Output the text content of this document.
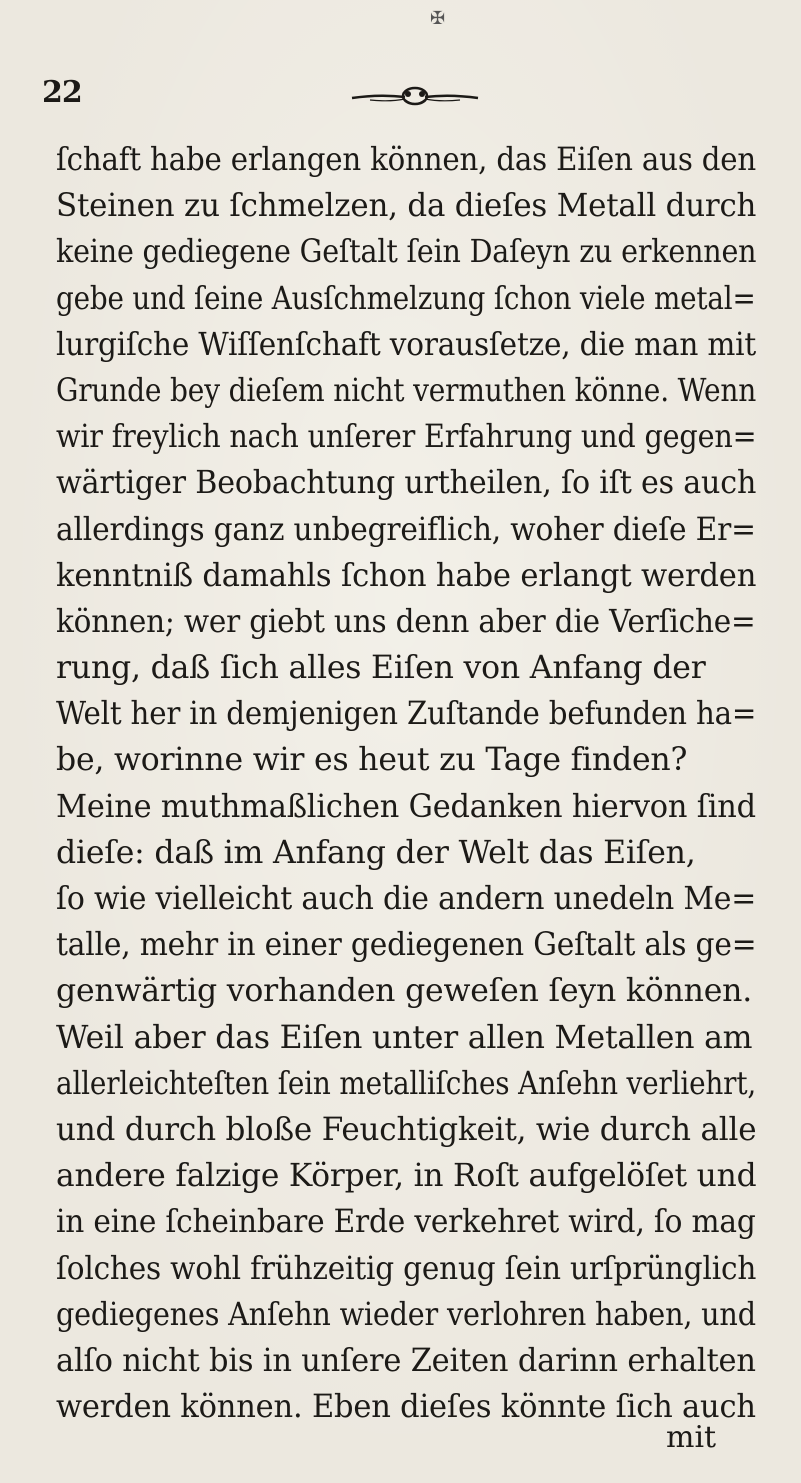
✠
22
ſchaft habe erlangen können, das Eiſen aus den
Steinen zu ſchmelzen, da dieſes Metall durch
keine gediegene Geſtalt ſein Daſeyn zu erkennen
gebe und ſeine Ausſchmelzung ſchon viele metal=
lurgiſche Wiſſenſchaft vorausſetze, die man mit
Grunde bey dieſem nicht vermuthen könne. Wenn
wir freylich nach unſerer Erfahrung und gegen=
wärtiger Beobachtung urtheilen, ſo iſt es auch
allerdings ganz unbegreiflich, woher dieſe Er=
kenntniß damahls ſchon habe erlangt werden
können; wer giebt uns denn aber die Verſiche=
rung, daß ſich alles Eiſen von Anfang der
Welt her in demjenigen Zuſtande befunden ha=
be, worinne wir es heut zu Tage finden?
Meine muthmaßlichen Gedanken hiervon ſind
dieſe: daß im Anfang der Welt das Eiſen,
ſo wie vielleicht auch die andern unedeln Me=
talle, mehr in einer gediegenen Geſtalt als ge=
genwärtig vorhanden geweſen ſeyn können.
Weil aber das Eiſen unter allen Metallen am
allerleichteſten ſein metalliſches Anſehn verliehrt,
und durch bloße Feuchtigkeit, wie durch alle
andere falzige Körper, in Roſt aufgelöſet und
in eine ſcheinbare Erde verkehret wird, ſo mag
ſolches wohl frühzeitig genug ſein urſprünglich
gediegenes Anſehn wieder verlohren haben, und
alſo nicht bis in unſere Zeiten darinn erhalten
werden können. Eben dieſes könnte ſich auch
mit
